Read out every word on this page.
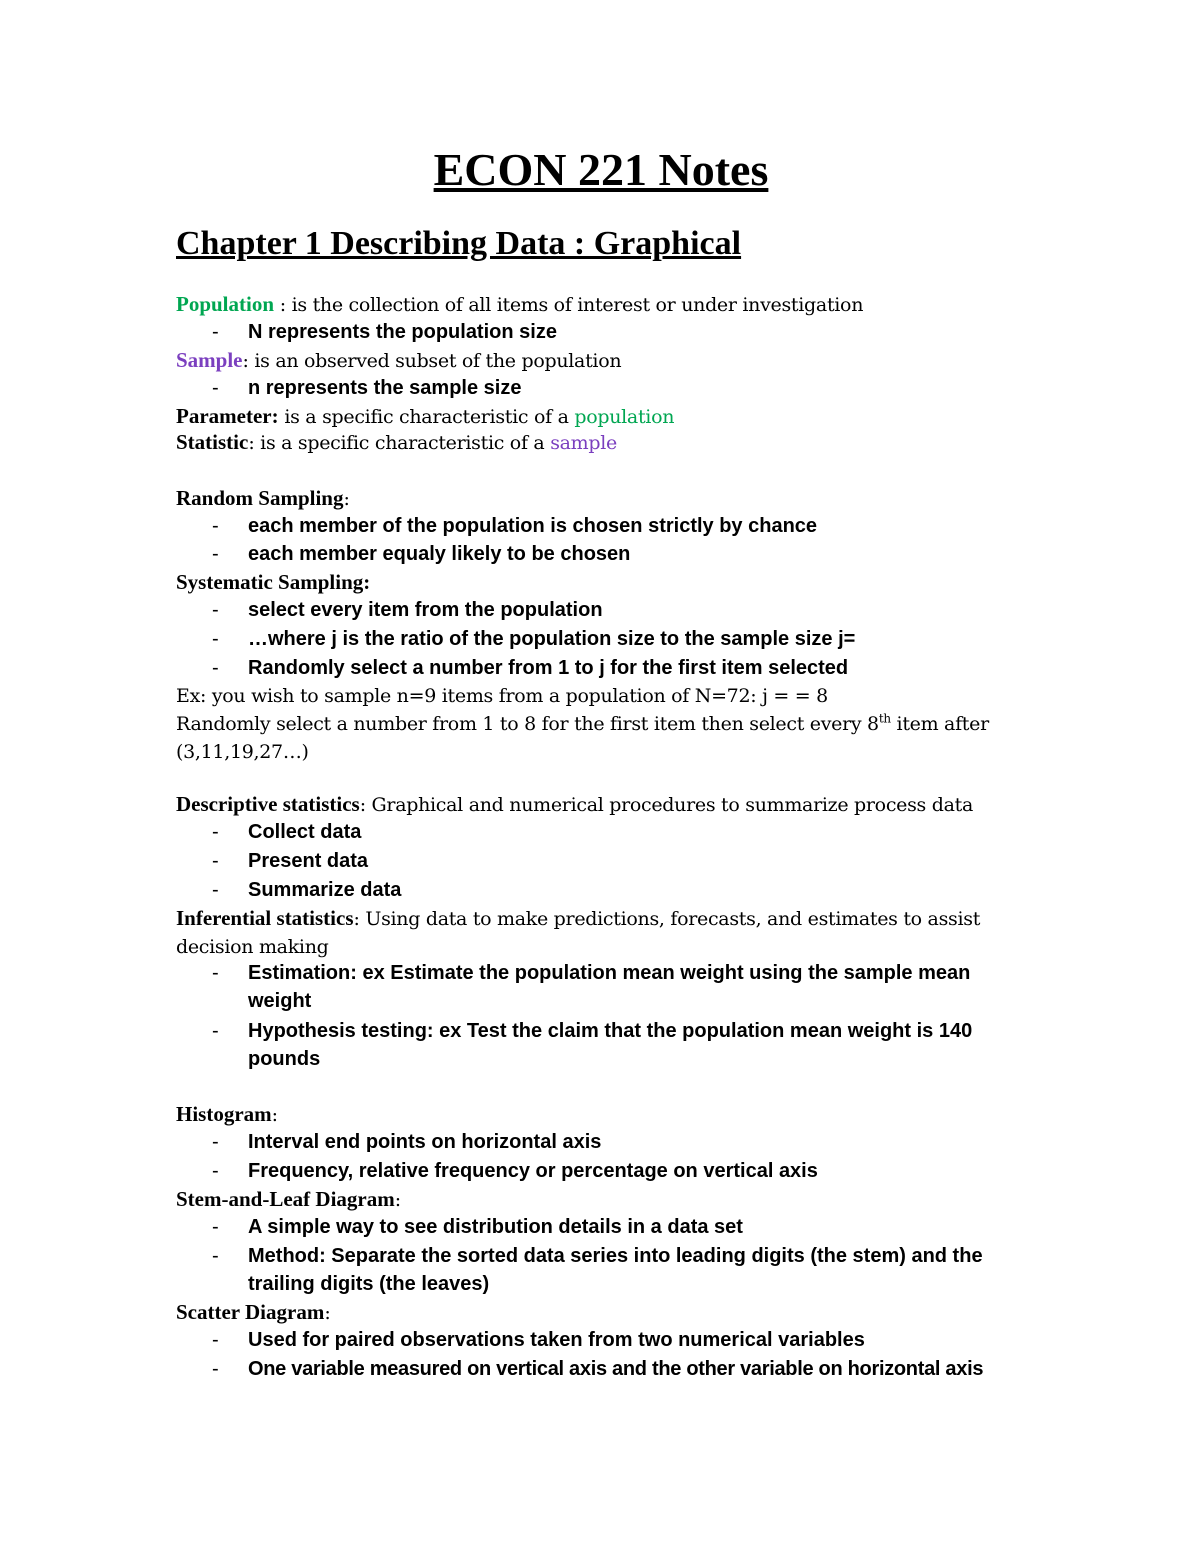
ECON 221 Notes
Chapter 1 Describing Data : Graphical
Population : is the collection of all items of interest or under investigation
- N represents the population size
Sample: is an observed subset of the population
- n represents the sample size
Parameter: is a specific characteristic of a population
Statistic: is a specific characteristic of a sample
Random Sampling:
- each member of the population is chosen strictly by chance
- each member equaly likely to be chosen
Systematic Sampling:
- select every item from the population
- …where j is the ratio of the population size to the sample size j=
- Randomly select a number from 1 to j for the first item selected
Ex: you wish to sample n=9 items from a population of N=72: j = = 8
Randomly select a number from 1 to 8 for the first item then select every 8th item after
(3,11,19,27…)
Descriptive statistics: Graphical and numerical procedures to summarize process data
- Collect data
- Present data
- Summarize data
Inferential statistics: Using data to make predictions, forecasts, and estimates to assist decision making
- Estimation: ex Estimate the population mean weight using the sample mean weight
- Hypothesis testing: ex Test the claim that the population mean weight is 140 pounds
Histogram:
- Interval end points on horizontal axis
- Frequency, relative frequency or percentage on vertical axis
Stem-and-Leaf Diagram:
- A simple way to see distribution details in a data set
- Method: Separate the sorted data series into leading digits (the stem) and the trailing digits (the leaves)
Scatter Diagram:
- Used for paired observations taken from two numerical variables
- One variable measured on vertical axis and the other variable on horizontal axis
